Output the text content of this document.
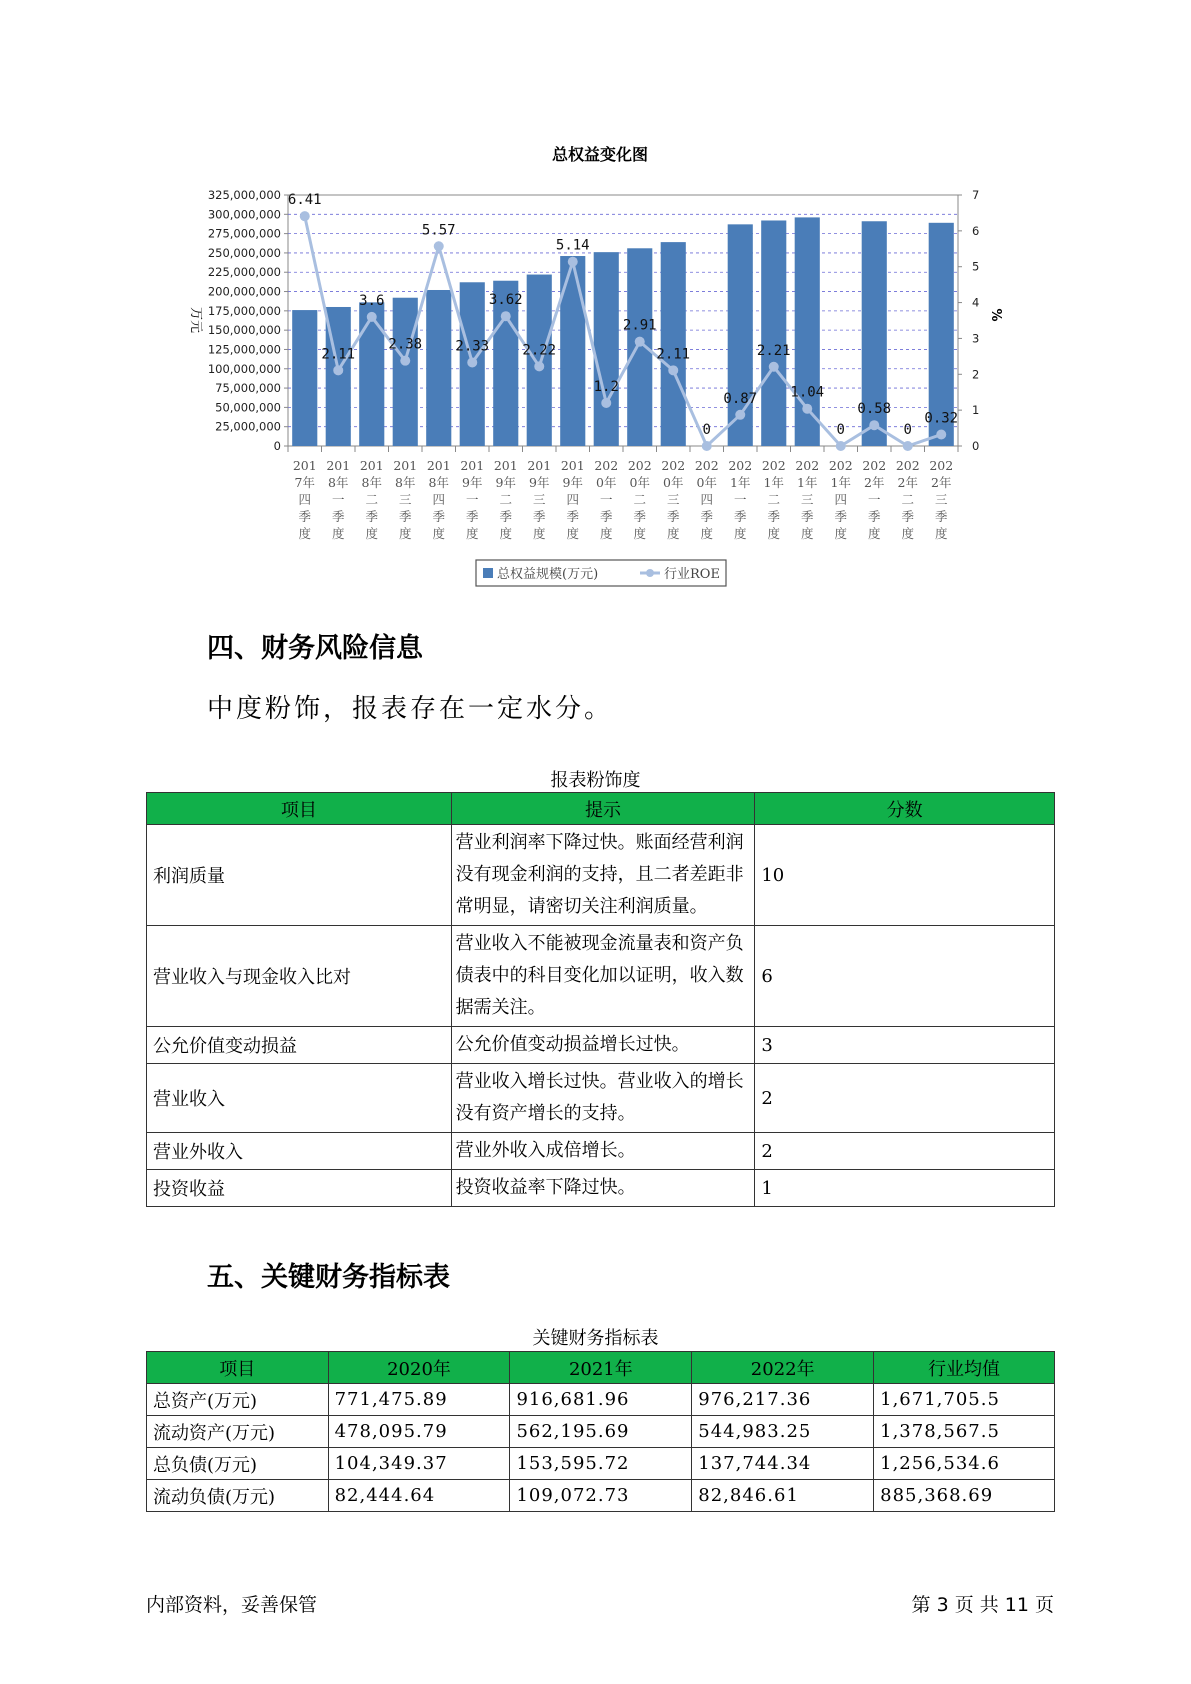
总权益变化图
325,000,000
300,000,000
275,000,000
250,000,000
225,000,000
200,000,000
175,000,000
150,000,000
125,000,000
100,000,000
75,000,000
50,000,000
25,000,000
0
7
6
5
4
3
2
1
0
万元	%
6.41
2.11
3.6
2.38
5.57
2.33
3.62
2.22
5.14
1.2
2.91
2.11
0
0.87
2.21
1.04
0
0.58
0
0.32
201
7年
四
季
度
201
8年
一
季
度
201
8年
二
季
度
201
8年
三
季
度
201
8年
四
季
度
201
9年
一
季
度
201
9年
二
季
度
201
9年
三
季
度
201
9年
四
季
度
202
0年
一
季
度
202
0年
二
季
度
202
0年
三
季
度
202
0年
四
季
度
202
1年
一
季
度
202
1年
二
季
度
202
1年
三
季
度
202
1年
四
季
度
202
2年
一
季
度
202
2年
二
季
度
202
2年
三
季
度
总权益规模(万元)	行业ROE
四、财务风险信息
中度粉饰，报表存在一定水分。
报表粉饰度
项目	提示	分数
利润质量	营业利润率下降过快。账面经营利润没有现金利润的支持，且二者差距非常明显，请密切关注利润质量。	10
营业收入与现金收入比对	营业收入不能被现金流量表和资产负债表中的科目变化加以证明，收入数据需关注。	6
公允价值变动损益	公允价值变动损益增长过快。	3
营业收入	营业收入增长过快。营业收入的增长没有资产增长的支持。	2
营业外收入	营业外收入成倍增长。	2
投资收益	投资收益率下降过快。	1
五、关键财务指标表
关键财务指标表
项目	2020年	2021年	2022年	行业均值
总资产(万元)	771,475.89	916,681.96	976,217.36	1,671,705.5
流动资产(万元)	478,095.79	562,195.69	544,983.25	1,378,567.5
总负债(万元)	104,349.37	153,595.72	137,744.34	1,256,534.6
流动负债(万元)	82,444.64	109,072.73	82,846.61	885,368.69
内部资料，妥善保管	第 3 页 共 11 页
